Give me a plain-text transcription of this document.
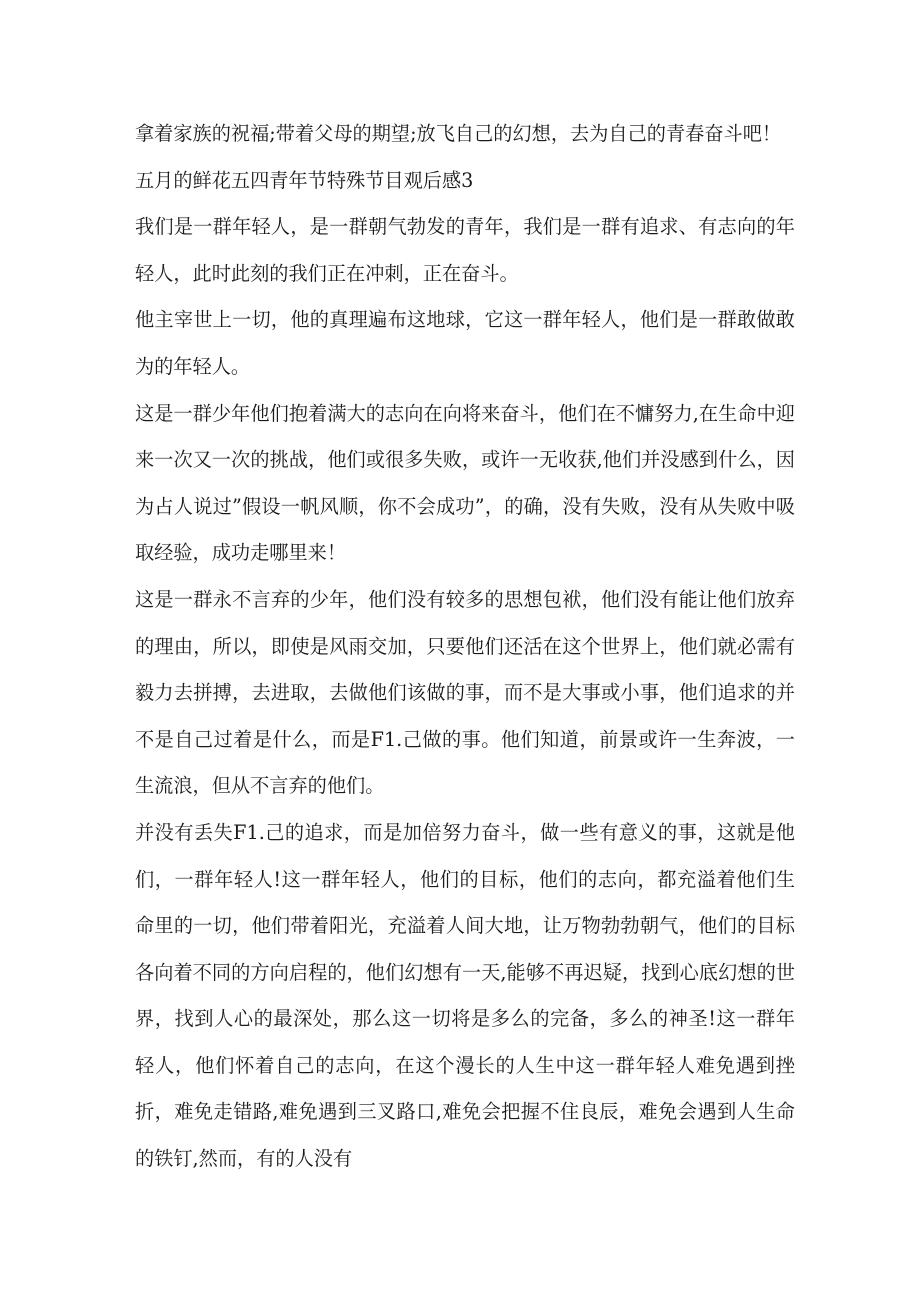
拿着家族的祝福;带着父母的期望;放飞自己的幻想，去为自己的青春奋斗吧！

五月的鲜花五四青年节特殊节目观后感3

我们是一群年轻人，是一群朝气勃发的青年，我们是一群有追求、有志向的年轻人，此时此刻的我们正在冲刺，正在奋斗。

他主宰世上一切，他的真理遍布这地球，它这一群年轻人，他们是一群敢做敢为的年轻人。

这是一群少年他们抱着满大的志向在向将来奋斗，他们在不慵努力,在生命中迎来一次又一次的挑战，他们或很多失败，或许一无收获,他们并没感到什么，因为占人说过”假设一帆风顺，你不会成功”，的确，没有失败，没有从失败中吸取经验，成功走哪里来！

这是一群永不言弃的少年，他们没有较多的思想包袱，他们没有能让他们放弃的理由，所以，即使是风雨交加，只要他们还活在这个世界上，他们就必需有毅力去拼搏，去进取，去做他们该做的事，而不是大事或小事，他们追求的并不是自己过着是什么，而是F1.己做的事。他们知道，前景或许一生奔波，一生流浪，但从不言弃的他们。

并没有丢失F1.己的追求，而是加倍努力奋斗，做一些有意义的事，这就是他们，一群年轻人!这一群年轻人，他们的目标，他们的志向，都充溢着他们生命里的一切，他们带着阳光，充溢着人间大地，让万物勃勃朝气，他们的目标各向着不同的方向启程的，他们幻想有一天,能够不再迟疑，找到心底幻想的世界，找到人心的最深处，那么这一切将是多么的完备，多么的神圣!这一群年轻人，他们怀着自己的志向，在这个漫长的人生中这一群年轻人难免遇到挫折，难免走错路,难免遇到三叉路口,难免会把握不住良辰，难免会遇到人生命的铁钉,然而，有的人没有
